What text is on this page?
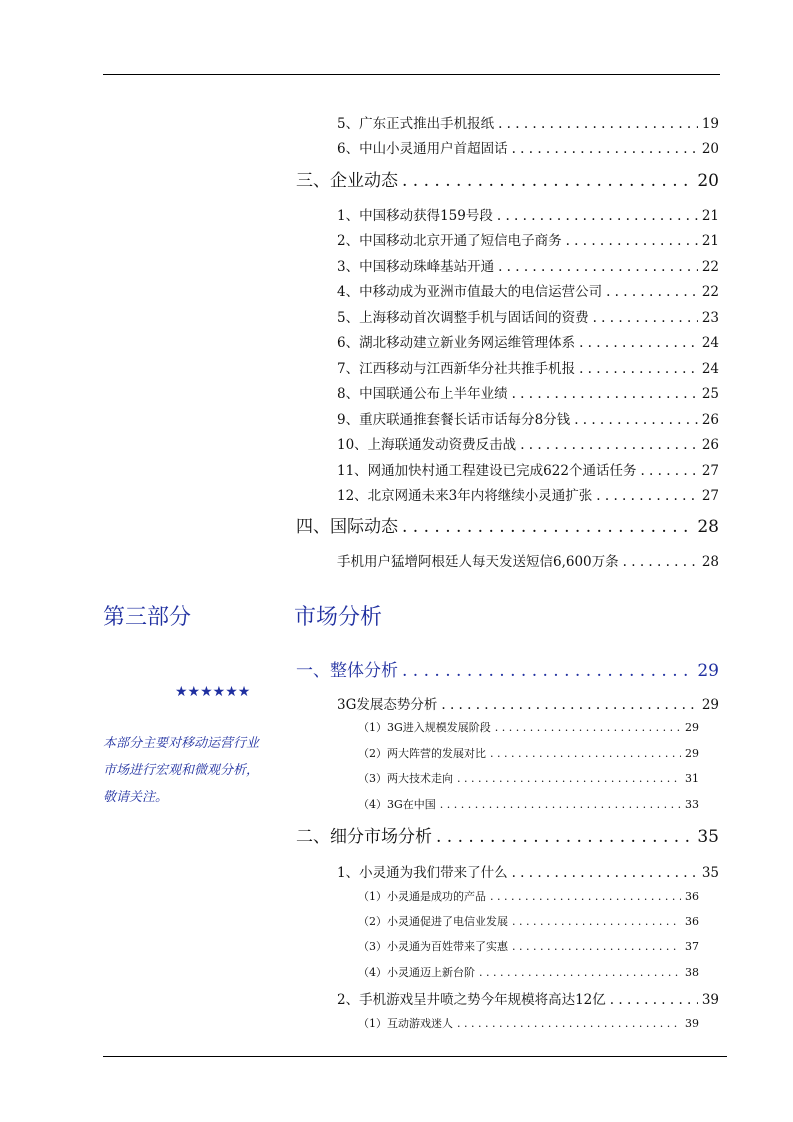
第三部分	市场分析
★★★★★★
本部分主要对移动运营行业市场进行宏观和微观分析，敬请关注。
5、广东正式推出手机报纸 . . .	19
6、中山小灵通用户首超固话 . . .	20
三、企业动态 . . .	20
1、中国移动获得159号段 . . .	21
2、中国移动北京开通了短信电子商务 . . .	21
3、中国移动珠峰基站开通 . . .	22
4、中移动成为亚洲市值最大的电信运营公司 . . .	22
5、上海移动首次调整手机与固话间的资费 . . .	23
6、湖北移动建立新业务网运维管理体系 . . .	24
7、江西移动与江西新华分社共推手机报 . . .	24
8、中国联通公布上半年业绩 . . .	25
9、重庆联通推套餐长话市话每分8分钱 . . .	26
10、上海联通发动资费反击战 . . .	26
11、网通加快村通工程建设已完成622个通话任务 . . .	27
12、北京网通未来3年内将继续小灵通扩张 . . .	27
四、国际动态 . . .	28
手机用户猛增阿根廷人每天发送短信6,600万条 . . .	28
一、整体分析 . . .	29
3G发展态势分析 . . .	29
（1）3G进入规模发展阶段 . . .	29
（2）两大阵营的发展对比 . . .	29
（3）两大技术走向 . . .	31
（4）3G在中国 . . .	33
二、细分市场分析 . . .	35
1、小灵通为我们带来了什么 . . .	35
（1）小灵通是成功的产品 . . .	36
（2）小灵通促进了电信业发展 . . .	36
（3）小灵通为百姓带来了实惠 . . .	37
（4）小灵通迈上新台阶 . . .	38
2、手机游戏呈井喷之势今年规模将高达12亿 . . .	39
（1）互动游戏迷人 . . .	39
